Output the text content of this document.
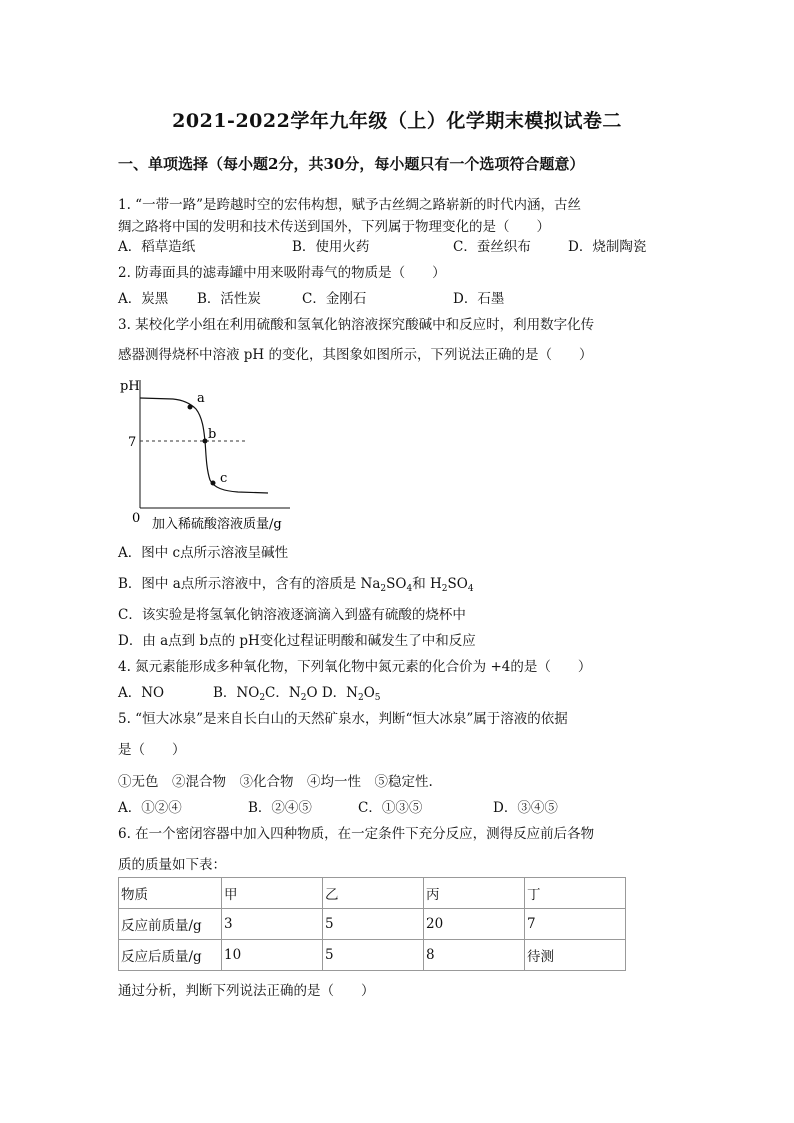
2021-2022学年九年级（上）化学期末模拟试卷二
一、单项选择（每小题2分，共30分，每小题只有一个选项符合题意）
1. “一带一路”是跨越时空的宏伟构想，赋予古丝绸之路崭新的时代内涵，古丝
绸之路将中国的发明和技术传送到国外，下列属于物理变化的是（　　）
A．稻草造纸	B．使用火药	C．蚕丝织布	D．烧制陶瓷
2. 防毒面具的滤毒罐中用来吸附毒气的物质是（　　）
A．炭黑 B．活性炭	C．金刚石	D．石墨
3. 某校化学小组在利用硫酸和氢氧化钠溶液探究酸碱中和反应时，利用数字化传
感器测得烧杯中溶液 pH 的变化，其图象如图所示，下列说法正确的是（　　）
a
b
c
pH
7
0 加入稀硫酸溶液质量/g
A．图中 c点所示溶液呈碱性
B．图中 a点所示溶液中，含有的溶质是 $Na_2SO_4$和 $H_2SO_4$
C．该实验是将氢氧化钠溶液逐滴滴入到盛有硫酸的烧杯中
D．由 a点到 b点的 pH变化过程证明酸和碱发生了中和反应
4. 氮元素能形成多种氧化物，下列氧化物中氮元素的化合价为 +4的是（　　）
A．NO	B．$NO_2C$．$N_2O$ D．$N_2O_5$
5. “恒大冰泉”是来自长白山的天然矿泉水，判断“恒大冰泉”属于溶液的依据
是（　　）
①无色　②混合物　③化合物　④均一性　⑤稳定性.
A．①②④	B．②④⑤	C．①③⑤	D．③④⑤
6. 在一个密闭容器中加入四种物质，在一定条件下充分反应，测得反应前后各物
质的质量如下表：
物质	甲	乙	丙	丁
反应前质量/g	3	5	20	7
反应后质量/g	10	5	8	待测
通过分析，判断下列说法正确的是（　　）
